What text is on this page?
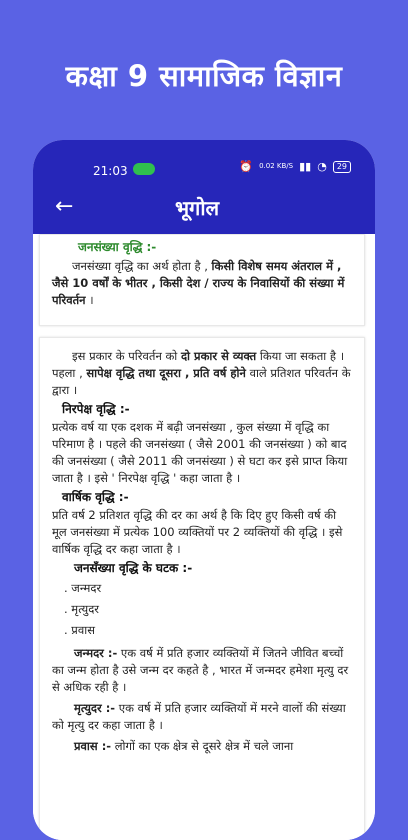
कक्षा 9 सामाजिक विज्ञान
21:03	⏰ 0.02 KB/S ▮▮ ◔	29
←	भूगोल

जनसंख्या वृद्धि :-

जनसंख्या वृद्धि का अर्थ होता है , किसी विशेष समय अंतराल में , जैसे 10 वर्षों के भीतर , किसी देश / राज्य के निवासियों की संख्या में परिवर्तन ।

इस प्रकार के परिवर्तन को दो प्रकार से व्यक्त किया जा सकता है । पहला , सापेक्ष वृद्धि तथा दूसरा , प्रति वर्ष होने वाले प्रतिशत परिवर्तन के द्वारा ।

निरपेक्ष वृद्धि :-

प्रत्येक वर्ष या एक दशक में बढ़ी जनसंख्या , कुल संख्या में वृद्धि का परिमाण है । पहले की जनसंख्या ( जैसे 2001 की जनसंख्या ) को बाद की जनसंख्या ( जैसे 2011 की जनसंख्या ) से घटा कर इसे प्राप्त किया जाता है । इसे ' निरपेक्ष वृद्धि ' कहा जाता है ।

वार्षिक वृद्धि :-

प्रति वर्ष 2 प्रतिशत वृद्धि की दर का अर्थ है कि दिए हुए किसी वर्ष की मूल जनसंख्या में प्रत्येक 100 व्यक्तियों पर 2 व्यक्तियों की वृद्धि । इसे वार्षिक वृद्धि दर कहा जाता है ।

जनसँख्या वृद्धि के घटक :-
. जन्मदर
. मृत्युदर
. प्रवास

जन्मदर :- एक वर्ष में प्रति हजार व्यक्तियों में जितने जीवित बच्चों का जन्म होता है उसे जन्म दर कहते है , भारत में जन्मदर हमेशा मृत्यु दर से अधिक रही है ।

मृत्युदर :- एक वर्ष में प्रति हजार व्यक्तियों में मरने वालों की संख्या को मृत्यु दर कहा जाता है ।

प्रवास :- लोगों का एक क्षेत्र से दूसरे क्षेत्र में चले जाना
